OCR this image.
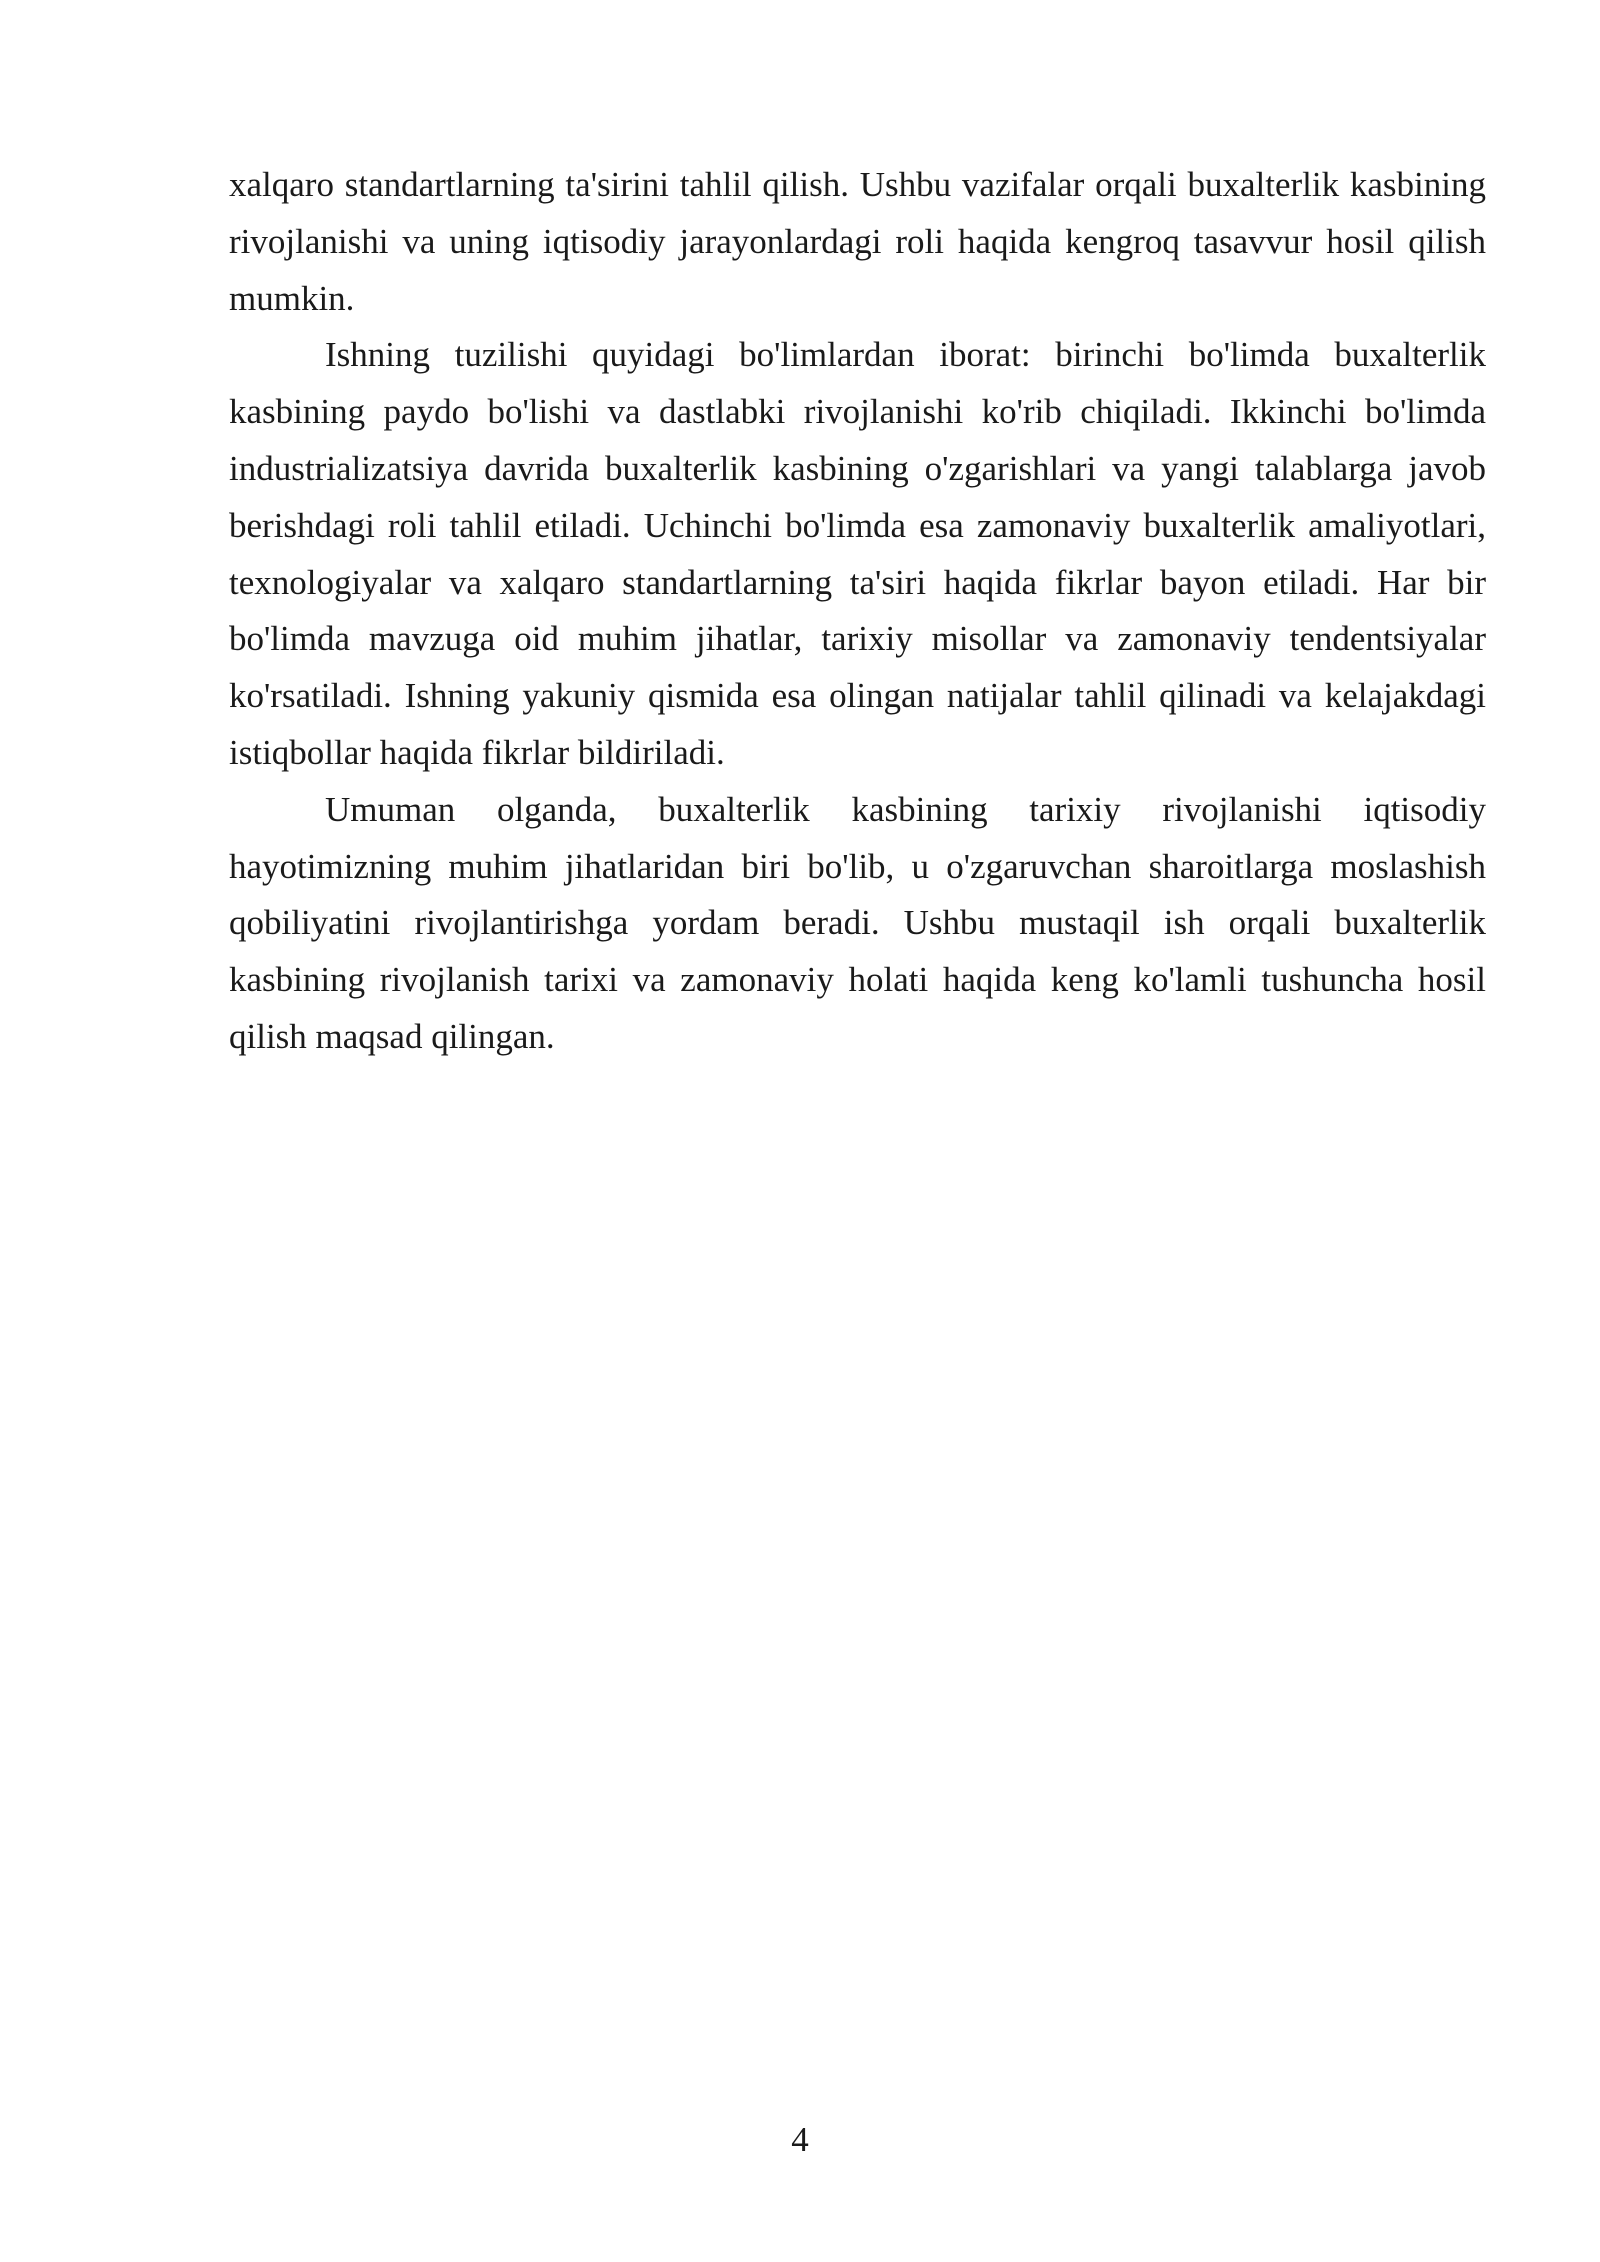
xalqaro standartlarning ta'sirini tahlil qilish. Ushbu vazifalar orqali buxalterlik kasbining rivojlanishi va uning iqtisodiy jarayonlardagi roli haqida kengroq tasavvur hosil qilish mumkin.

Ishning tuzilishi quyidagi bo'limlardan iborat: birinchi bo'limda buxalterlik kasbining paydo bo'lishi va dastlabki rivojlanishi ko'rib chiqiladi. Ikkinchi bo'limda industrializatsiya davrida buxalterlik kasbining o'zgarishlari va yangi talablarga javob berishdagi roli tahlil etiladi. Uchinchi bo'limda esa zamonaviy buxalterlik amaliyotlari, texnologiyalar va xalqaro standartlarning ta'siri haqida fikrlar bayon etiladi. Har bir bo'limda mavzuga oid muhim jihatlar, tarixiy misollar va zamonaviy tendentsiyalar ko'rsatiladi. Ishning yakuniy qismida esa olingan natijalar tahlil qilinadi va kelajakdagi istiqbollar haqida fikrlar bildiriladi.

Umuman olganda, buxalterlik kasbining tarixiy rivojlanishi iqtisodiy hayotimizning muhim jihatlaridan biri bo'lib, u o'zgaruvchan sharoitlarga moslashish qobiliyatini rivojlantirishga yordam beradi. Ushbu mustaqil ish orqali buxalterlik kasbining rivojlanish tarixi va zamonaviy holati haqida keng ko'lamli tushuncha hosil qilish maqsad qilingan.

4
